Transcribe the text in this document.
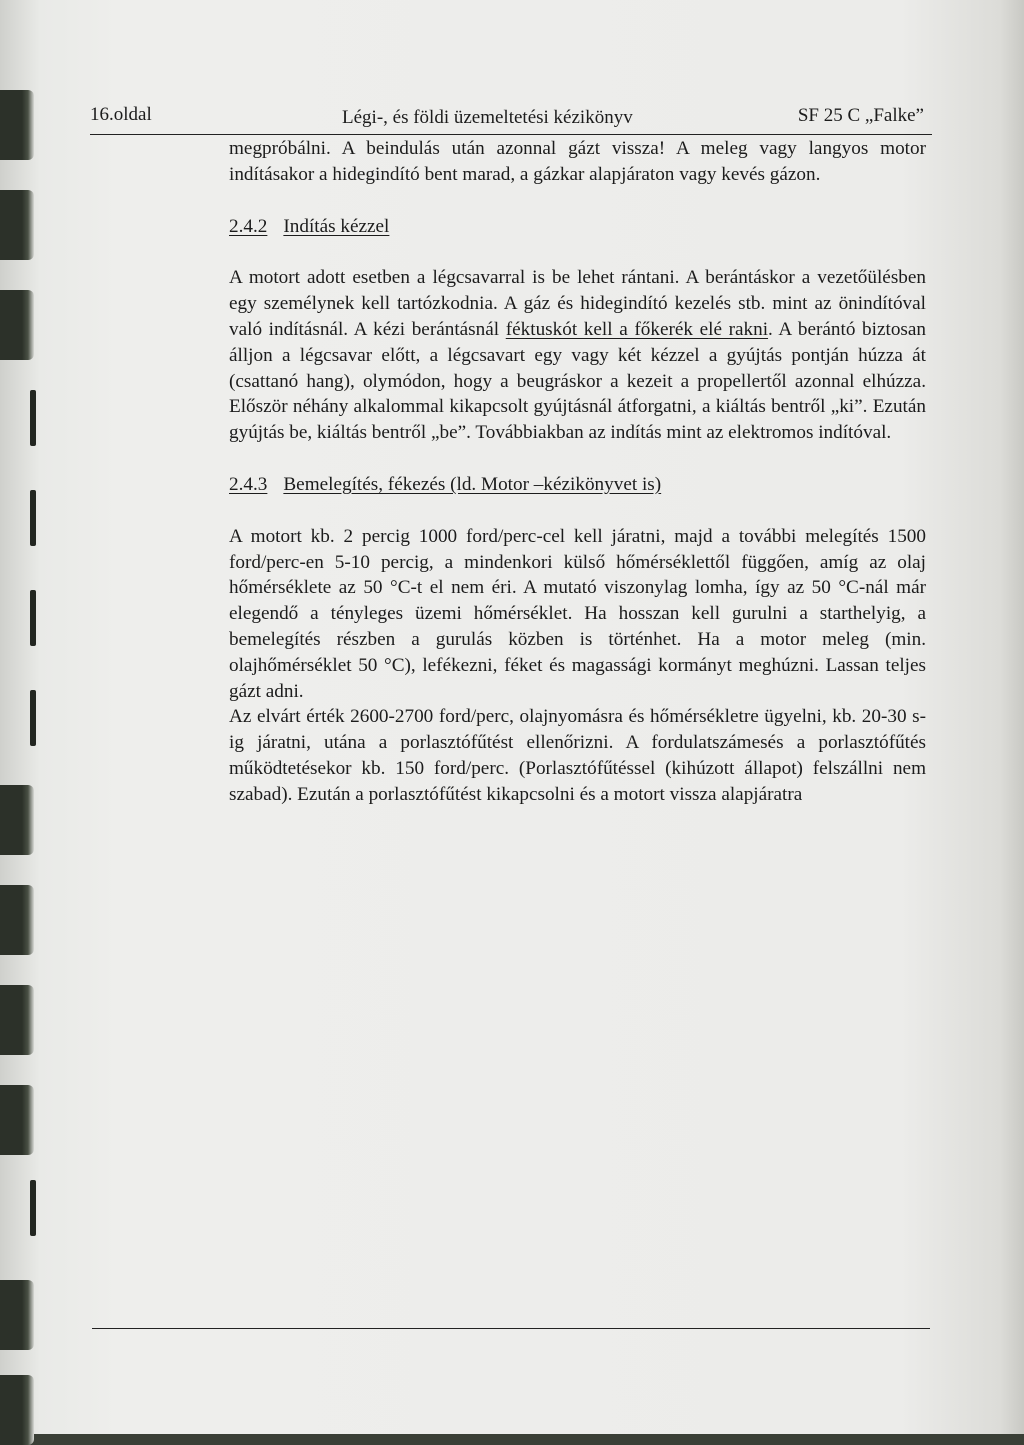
16.oldal	Légi-, és földi üzemeltetési kézikönyv	SF 25 C „Falke”

megpróbálni. A beindulás után azonnal gázt vissza! A meleg vagy langyos motor indításakor a hidegindító bent marad, a gázkar alapjáraton vagy kevés gázon.

2.4.2 Indítás kézzel

A motort adott esetben a légcsavarral is be lehet rántani. A berántáskor a vezetőülésben egy személynek kell tartózkodnia. A gáz és hidegindító kezelés stb. mint az önindítóval való indításnál. A kézi berántásnál féktuskót kell a főkerék elé rakni. A berántó biztosan álljon a légcsavar előtt, a légcsavart egy vagy két kézzel a gyújtás pontján húzza át (csattanó hang), olymódon, hogy a beugráskor a kezeit a propellertől azonnal elhúzza. Először néhány alkalommal kikapcsolt gyújtásnál átforgatni, a kiáltás bentről „ki”. Ezután gyújtás be, kiáltás bentről „be”. Továbbiakban az indítás mint az elektromos indítóval.

2.4.3 Bemelegítés, fékezés (ld. Motor –kézikönyvet is)

A motort kb. 2 percig 1000 ford/perc-cel kell járatni, majd a további melegítés 1500 ford/perc-en 5-10 percig, a mindenkori külső hőmérséklettől függően, amíg az olaj hőmérséklete az 50 °C-t el nem éri. A mutató viszonylag lomha, így az 50 °C-nál már elegendő a tényleges üzemi hőmérséklet. Ha hosszan kell gurulni a starthelyig, a bemelegítés részben a gurulás közben is történhet. Ha a motor meleg (min. olajhőmérséklet 50 °C), lefékezni, féket és magassági kormányt meghúzni. Lassan teljes gázt adni.

Az elvárt érték 2600-2700 ford/perc, olajnyomásra és hőmérsékletre ügyelni, kb. 20-30 s-ig járatni, utána a porlasztófűtést ellenőrizni. A fordulatszámesés a porlasztófűtés működtetésekor kb. 150 ford/perc. (Porlasztófűtéssel (kihúzott állapot) felszállni nem szabad). Ezután a porlasztófűtést kikapcsolni és a motort vissza alapjáratra
